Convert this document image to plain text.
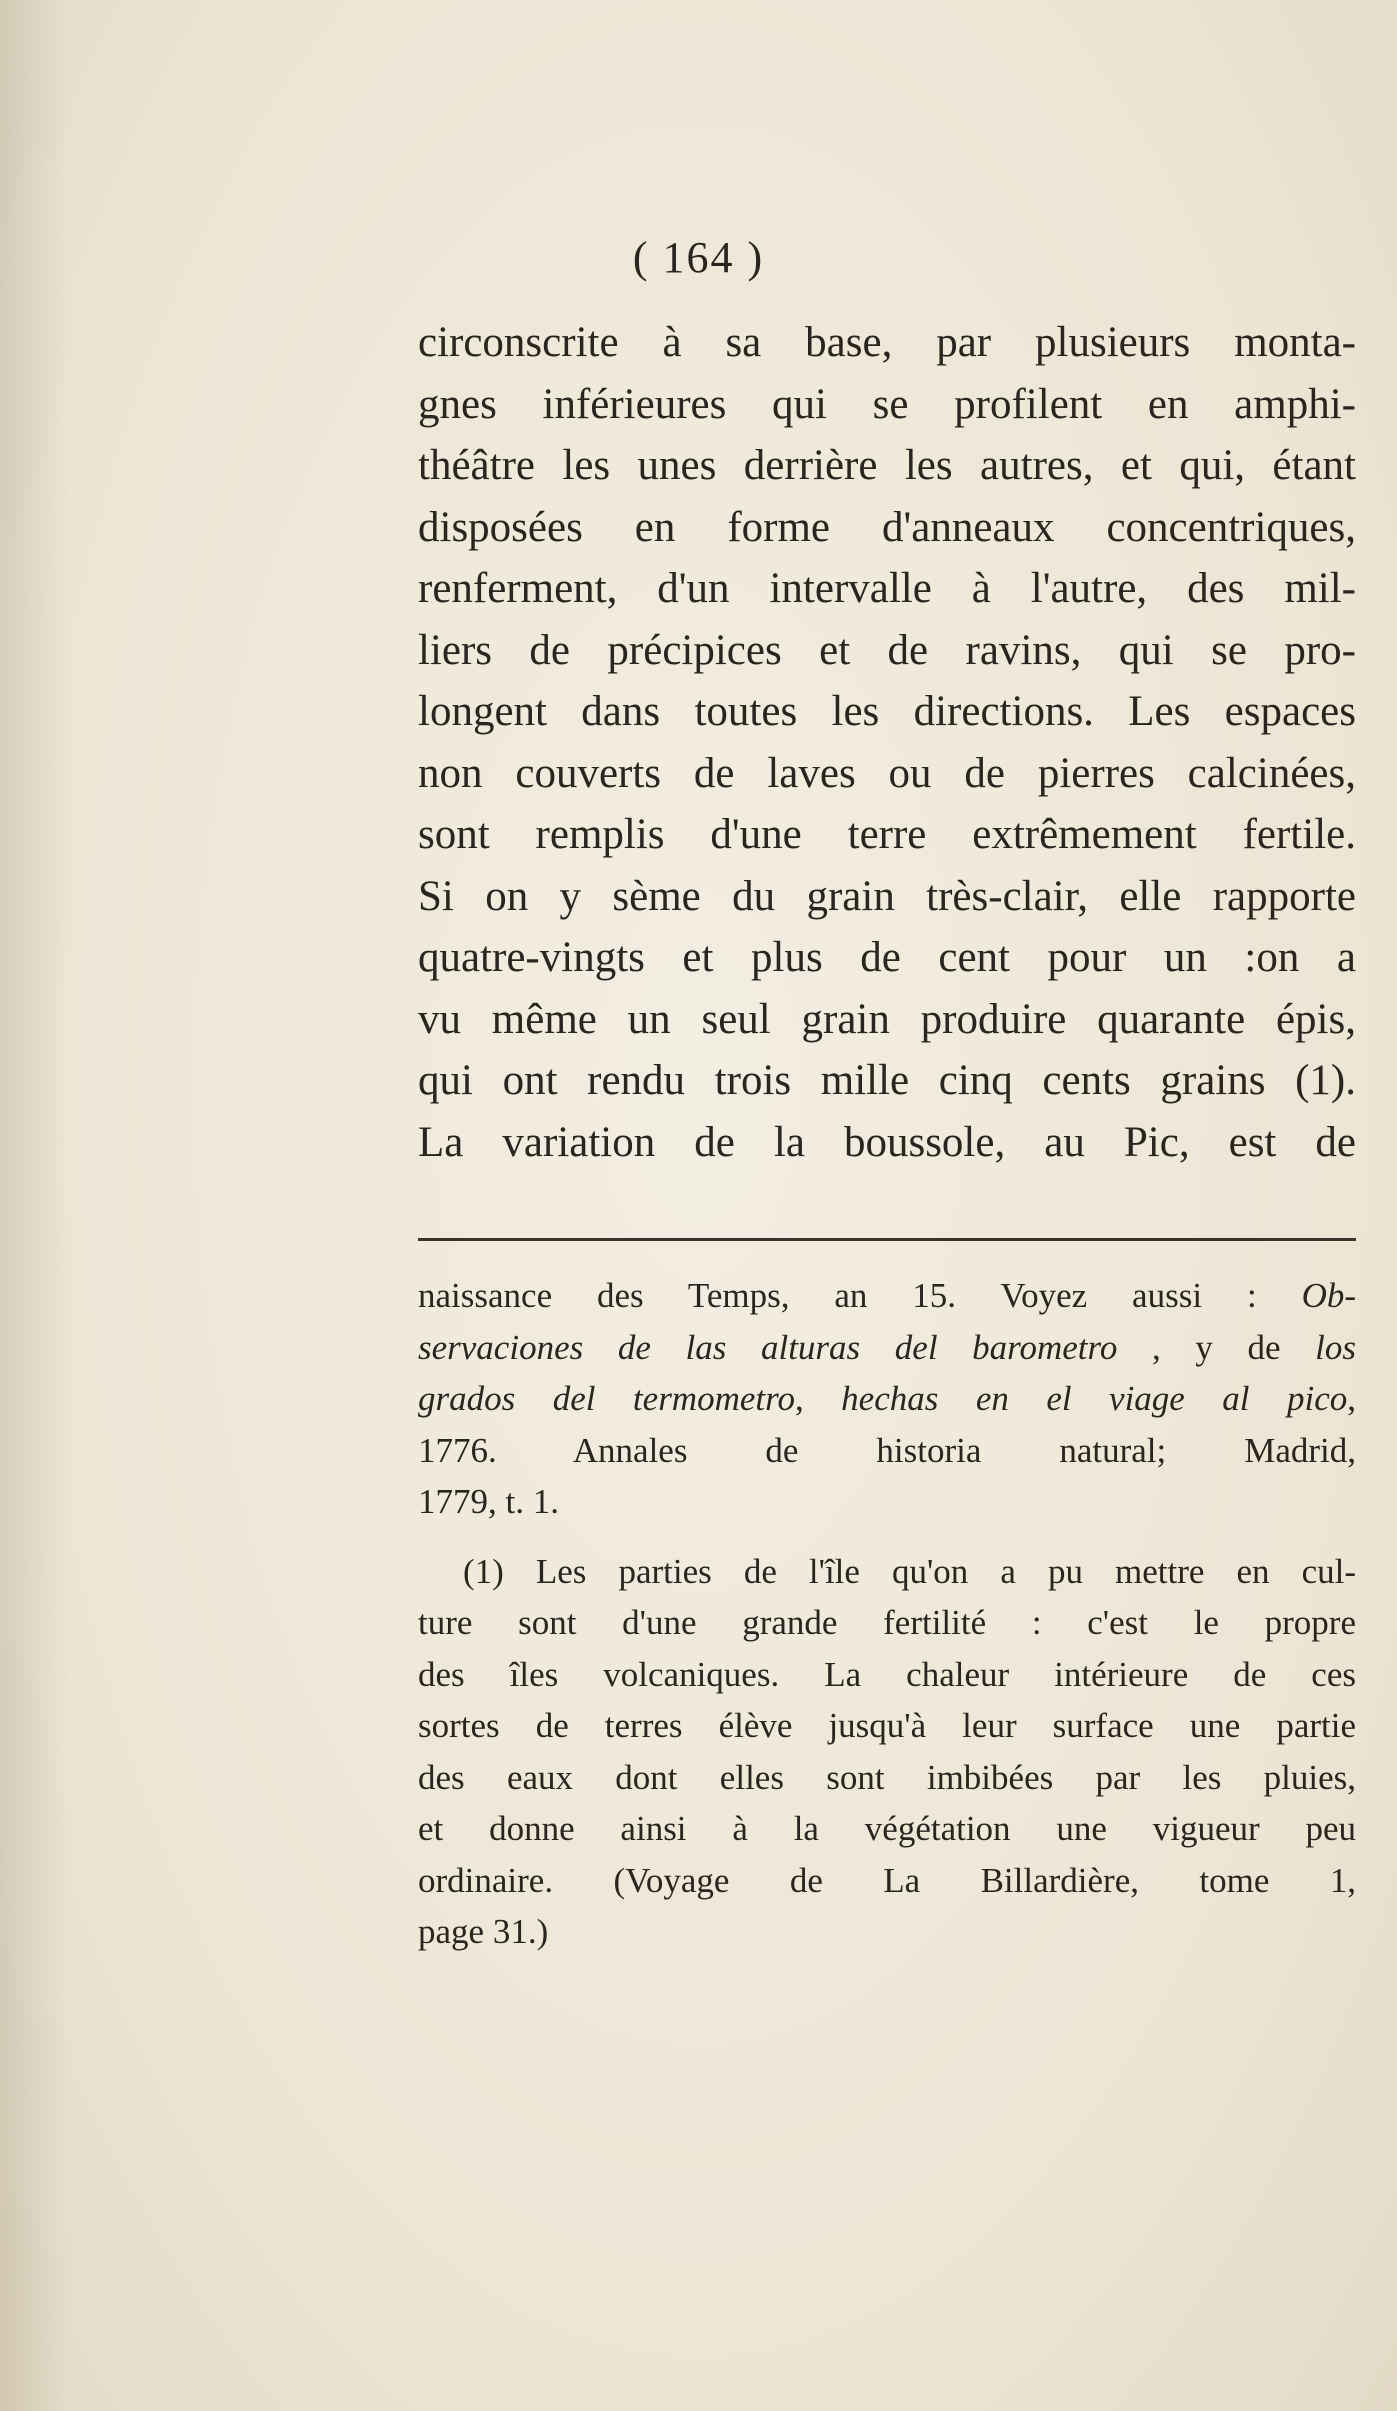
( 164 )
circonscrite à sa base, par plusieurs monta-
gnes inférieures qui se profilent en amphi-
théâtre les unes derrière les autres, et qui, étant
disposées en forme d'anneaux concentriques,
renferment, d'un intervalle à l'autre, des mil-
liers de précipices et de ravins, qui se pro-
longent dans toutes les directions. Les espaces
non couverts de laves ou de pierres calcinées,
sont remplis d'une terre extrêmement fertile.
Si on y sème du grain très-clair, elle rapporte
quatre-vingts et plus de cent pour un :on a
vu même un seul grain produire quarante épis,
qui ont rendu trois mille cinq cents grains (1).
La variation de la boussole, au Pic, est de
naissance des Temps, an 15. Voyez aussi : Ob-
servaciones de las alturas del barometro , y de los
grados del termometro, hechas en el viage al pico,
1776. Annales de historia natural; Madrid,
1779, t. 1.
(1) Les parties de l'île qu'on a pu mettre en cul-
ture sont d'une grande fertilité : c'est le propre
des îles volcaniques. La chaleur intérieure de ces
sortes de terres élève jusqu'à leur surface une partie
des eaux dont elles sont imbibées par les pluies,
et donne ainsi à la végétation une vigueur peu
ordinaire. (Voyage de La Billardière, tome 1,
page 31.)
